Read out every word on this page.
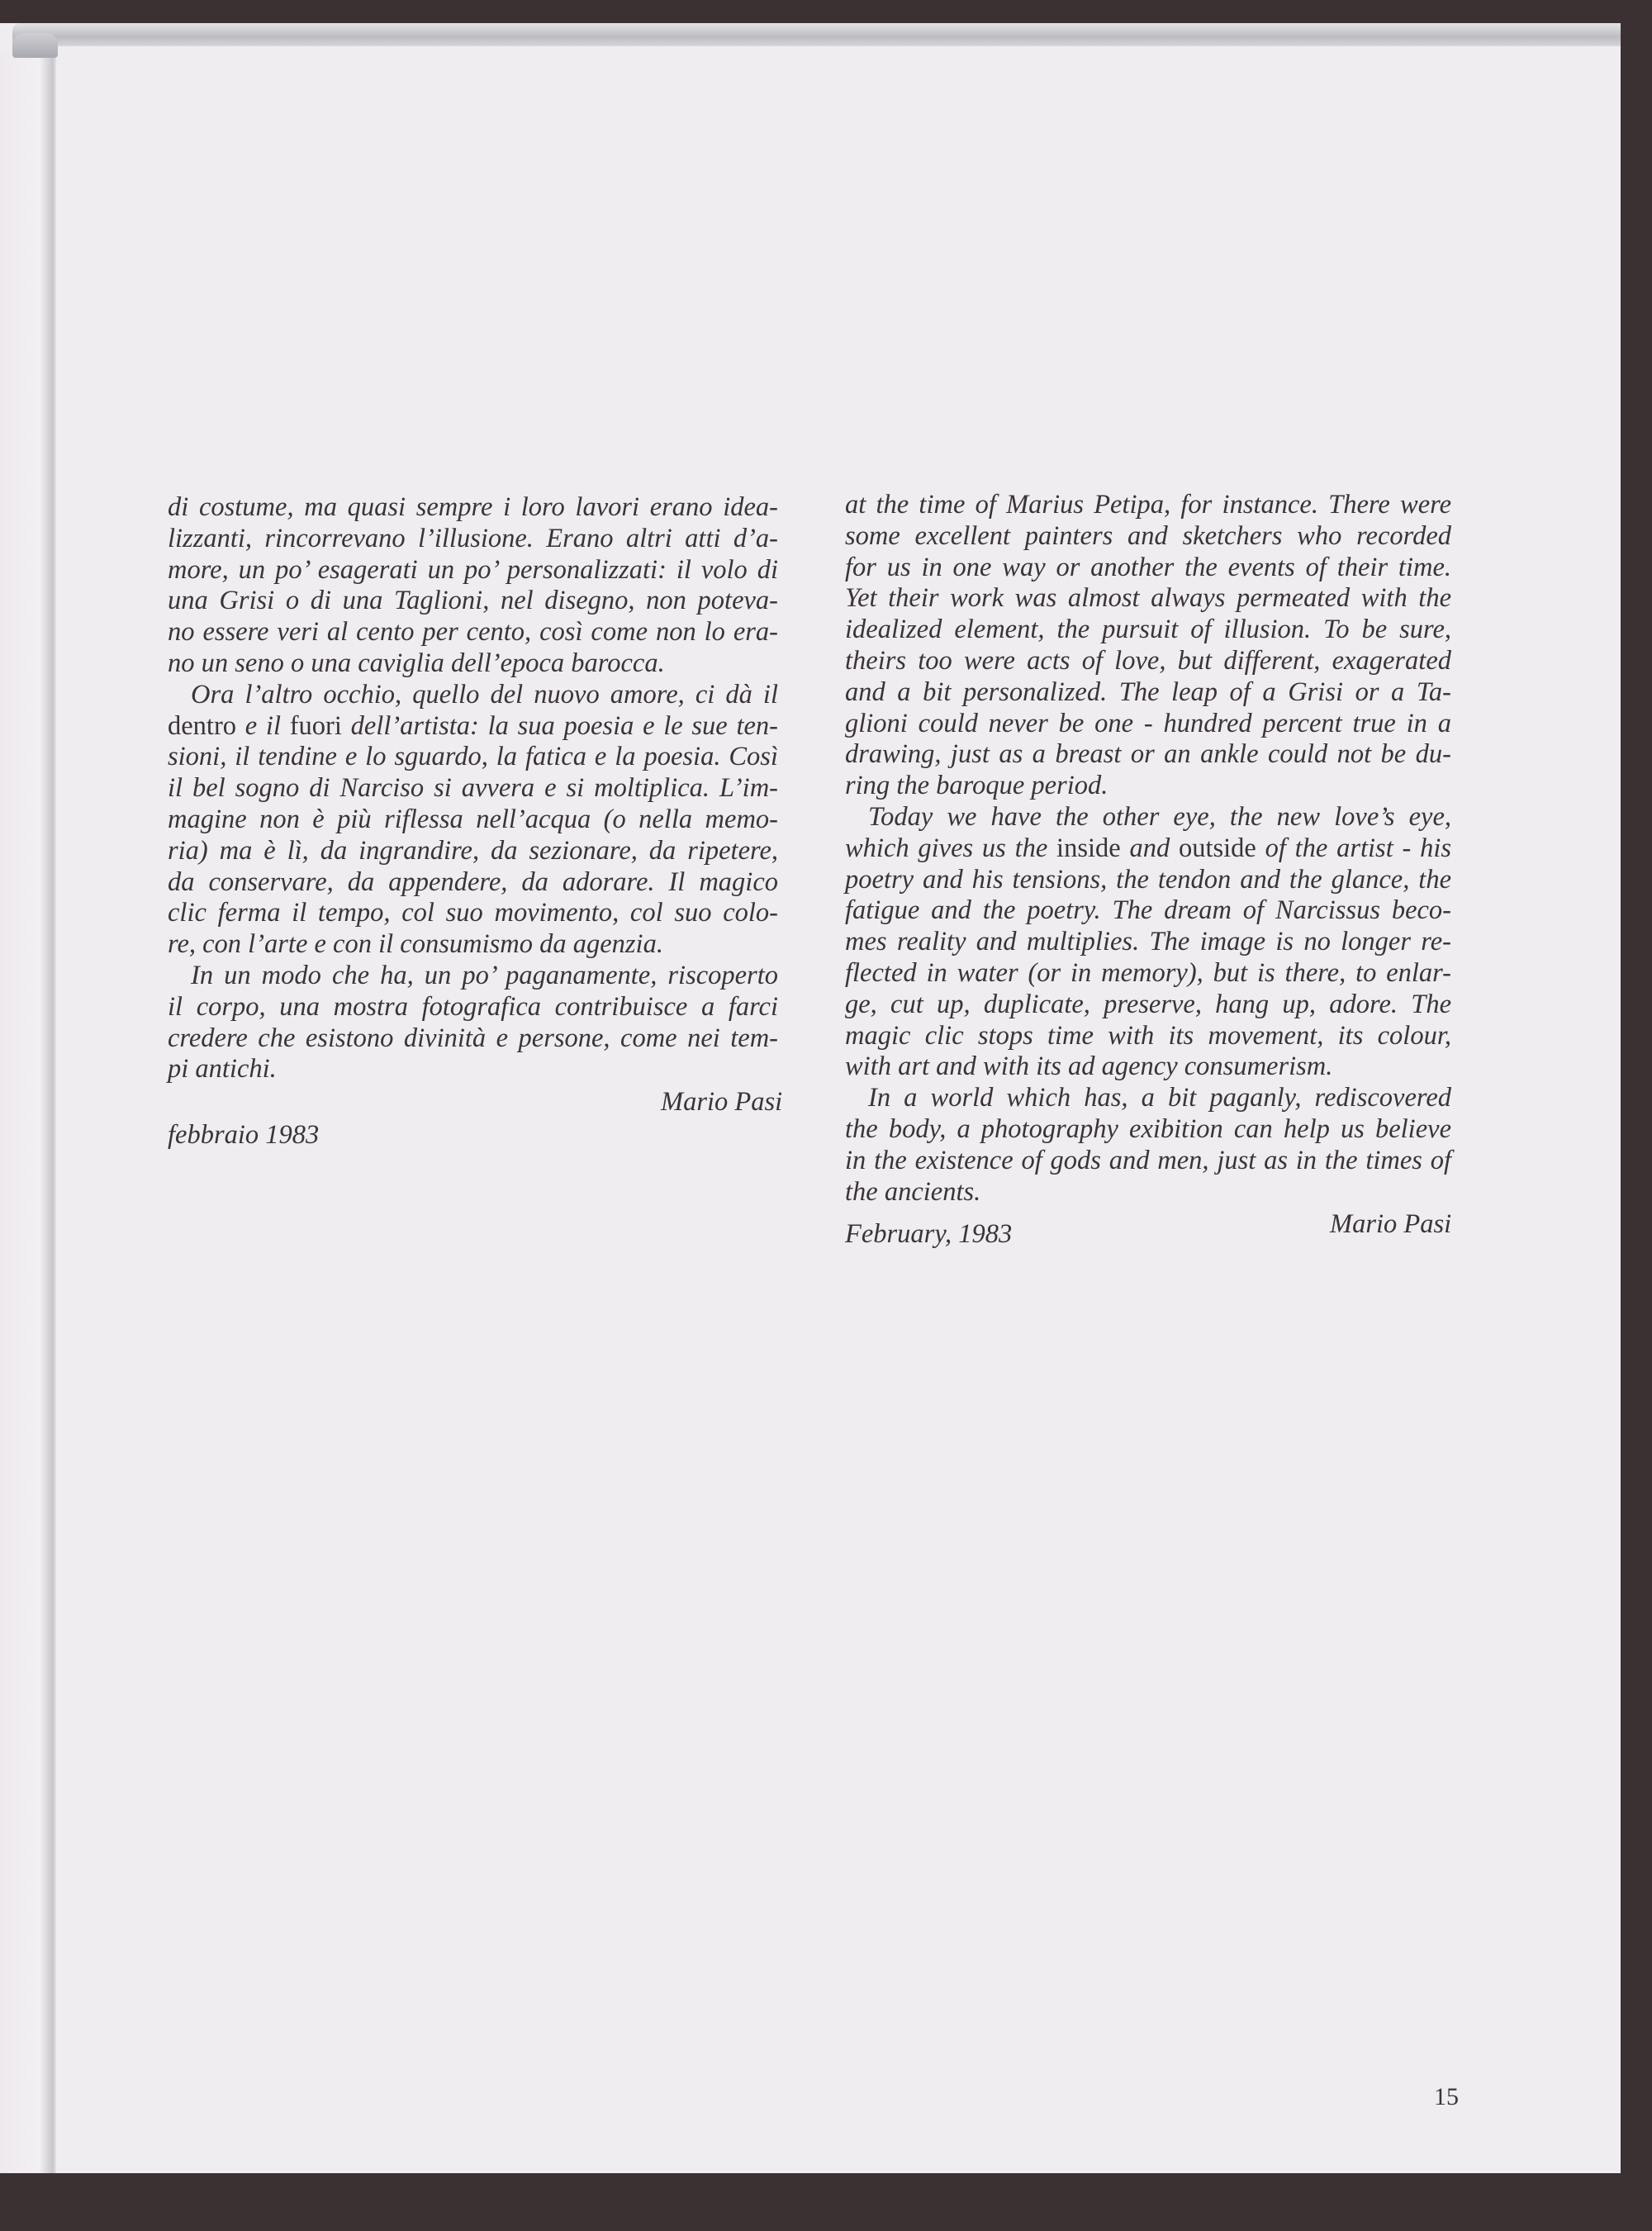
di costume, ma quasi sempre i loro lavori erano idea-
lizzanti, rincorrevano l’illusione. Erano altri atti d’a-
more, un po’ esagerati un po’ personalizzati: il volo di
una Grisi o di una Taglioni, nel disegno, non poteva-
no essere veri al cento per cento, così come non lo era-
no un seno o una caviglia dell’epoca barocca.
Ora l’altro occhio, quello del nuovo amore, ci dà il
dentro e il fuori dell’artista: la sua poesia e le sue ten-
sioni, il tendine e lo sguardo, la fatica e la poesia. Così
il bel sogno di Narciso si avvera e si moltiplica. L’im-
magine non è più riflessa nell’acqua (o nella memo-
ria) ma è lì, da ingrandire, da sezionare, da ripetere,
da conservare, da appendere, da adorare. Il magico
clic ferma il tempo, col suo movimento, col suo colo-
re, con l’arte e con il consumismo da agenzia.
In un modo che ha, un po’ paganamente, riscoperto
il corpo, una mostra fotografica contribuisce a farci
credere che esistono divinità e persone, come nei tem-
pi antichi.
at the time of Marius Petipa, for instance. There were
some excellent painters and sketchers who recorded
for us in one way or another the events of their time.
Yet their work was almost always permeated with the
idealized element, the pursuit of illusion. To be sure,
theirs too were acts of love, but different, exagerated
and a bit personalized. The leap of a Grisi or a Ta-
glioni could never be one - hundred percent true in a
drawing, just as a breast or an ankle could not be du-
ring the baroque period.
Today we have the other eye, the new love’s eye,
which gives us the inside and outside of the artist - his
poetry and his tensions, the tendon and the glance, the
fatigue and the poetry. The dream of Narcissus beco-
mes reality and multiplies. The image is no longer re-
flected in water (or in memory), but is there, to enlar-
ge, cut up, duplicate, preserve, hang up, adore. The
magic clic stops time with its movement, its colour,
with art and with its ad agency consumerism.
In a world which has, a bit paganly, rediscovered
the body, a photography exibition can help us believe
in the existence of gods and men, just as in the times of
the ancients.
Mario Pasi
febbraio 1983
Mario Pasi
February, 1983
15
